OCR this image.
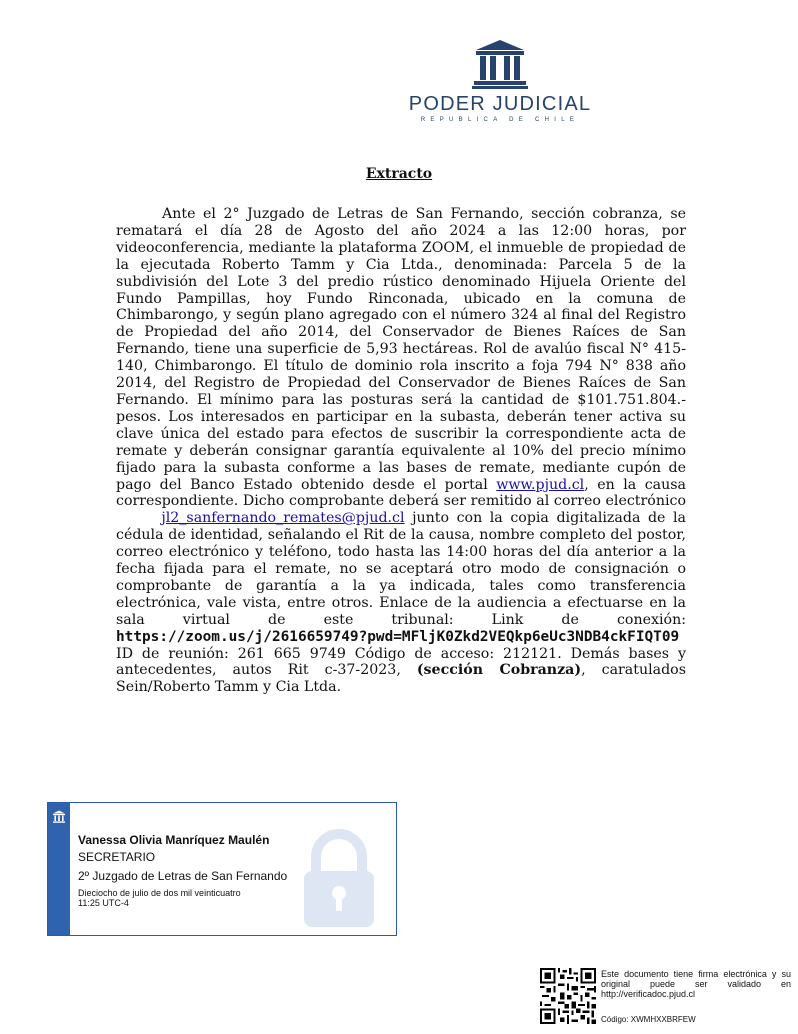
PODER JUDICIAL
REPUBLICA DE CHILE
Extracto

Ante el 2° Juzgado de Letras de San Fernando, sección cobranza, se rematará el día 28 de Agosto del año 2024 a las 12:00 horas, por videoconferencia, mediante la plataforma ZOOM, el inmueble de propiedad de la ejecutada Roberto Tamm y Cia Ltda., denominada: Parcela 5 de la subdivisión del Lote 3 del predio rústico denominado Hijuela Oriente del Fundo Pampillas, hoy Fundo Rinconada, ubicado en la comuna de Chimbarongo, y según plano agregado con el número 324 al final del Registro de Propiedad del año 2014, del Conservador de Bienes Raíces de San Fernando, tiene una superficie de 5,93 hectáreas. Rol de avalúo fiscal N° 415-140, Chimbarongo. El título de dominio rola inscrito a foja 794 N° 838 año 2014, del Registro de Propiedad del Conservador de Bienes Raíces de San Fernando. El mínimo para las posturas será la cantidad de $101.751.804.- pesos. Los interesados en participar en la subasta, deberán tener activa su clave única del estado para efectos de suscribir la correspondiente acta de remate y deberán consignar garantía equivalente al 10% del precio mínimo fijado para la subasta conforme a las bases de remate, mediante cupón de pago del Banco Estado obtenido desde el portal www.pjud.cl, en la causa correspondiente. Dicho comprobante deberá ser remitido al correo electrónico       jl2_sanfernando_remates@pjud.cl junto con la copia digitalizada de la cédula de identidad, señalando el Rit de la causa, nombre completo del postor, correo electrónico y teléfono, todo hasta las 14:00 horas del día anterior a la fecha fijada para el remate, no se aceptará otro modo de consignación o comprobante de garantía a la ya indicada, tales como transferencia electrónica, vale vista, entre otros. Enlace de la audiencia a efectuarse en la sala virtual de este tribunal: Link de conexión: https://zoom.us/j/2616659749?pwd=MFljK0Zkd2VEQkp6eUc3NDB4ckFIQT09 ID de reunión: 261 665 9749 Código de acceso: 212121. Demás bases y antecedentes, autos Rit c-37-2023, (sección Cobranza), caratulados Sein/Roberto Tamm y Cia Ltda.

Vanessa Olivia Manríquez Maulén
SECRETARIO
2º Juzgado de Letras de San Fernando
Dieciocho de julio de dos mil veinticuatro
11:25 UTC-4
Este documento tiene firma electrónica y su original puede ser validado en http://verificadoc.pjud.cl
Código: XWMHXXBRFEW
